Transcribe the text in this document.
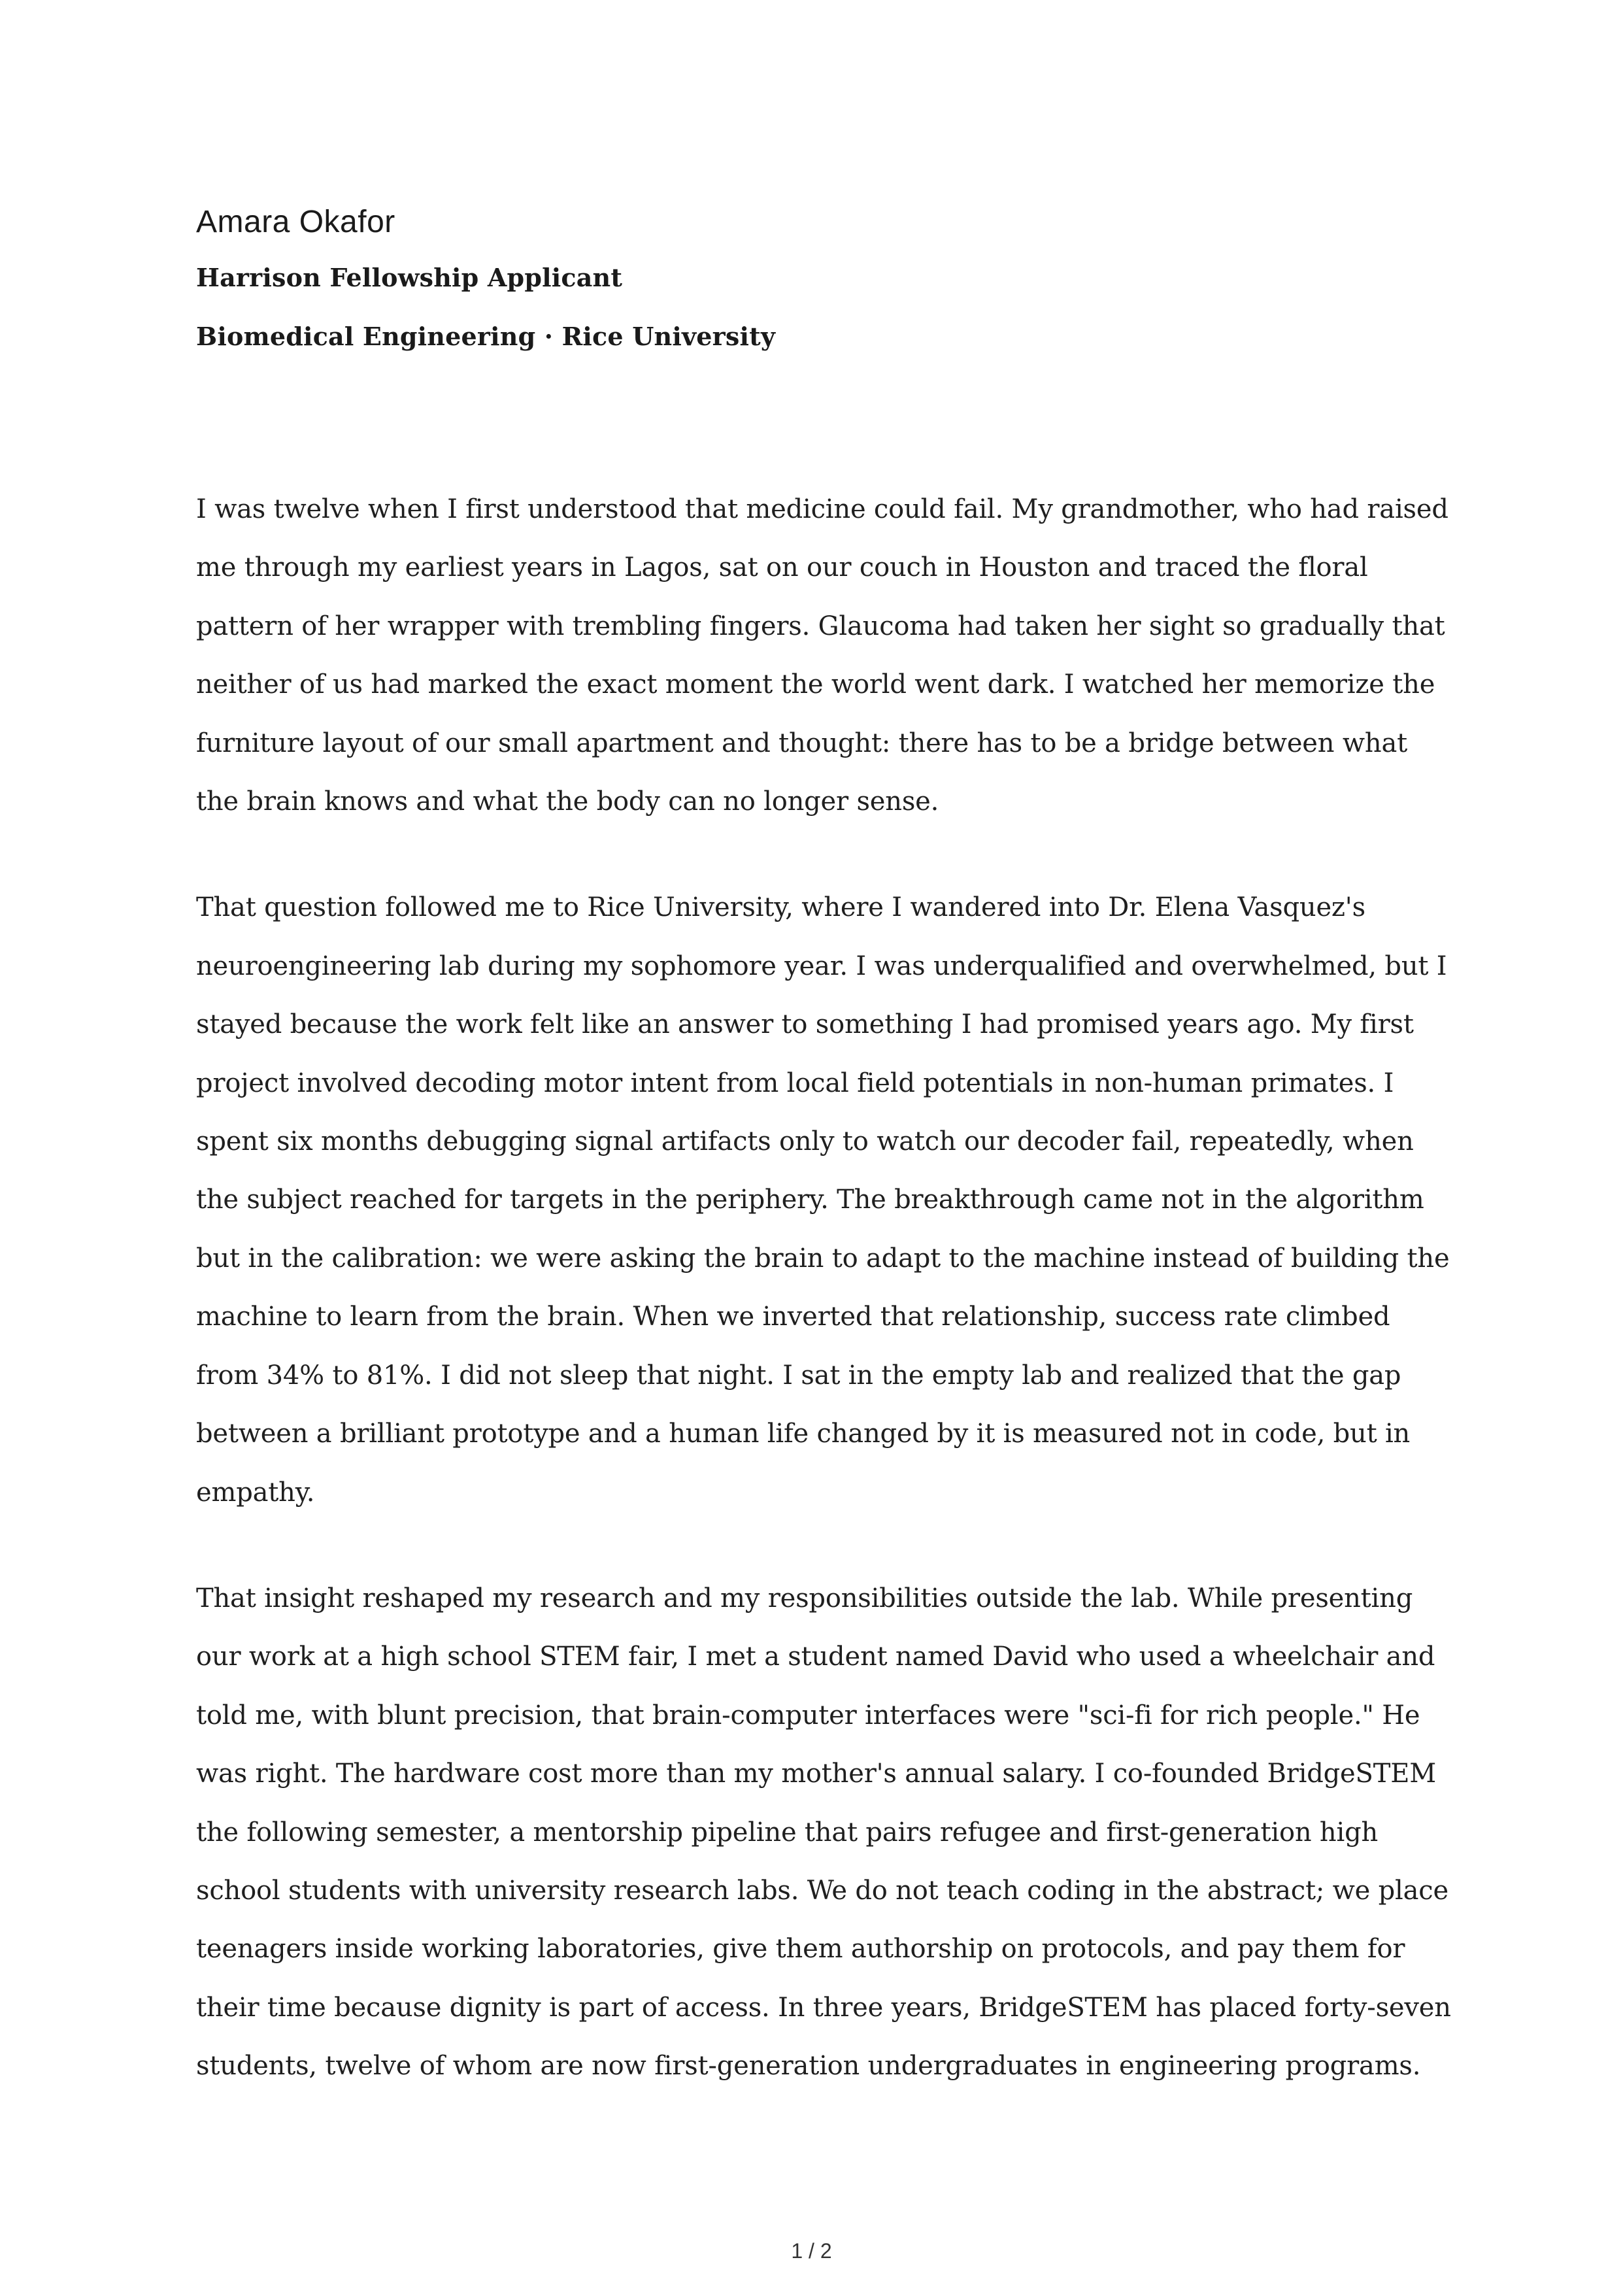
Amara Okafor
Harrison Fellowship Applicant
Biomedical Engineering · Rice University

I was twelve when I first understood that medicine could fail. My grandmother, who had raised me through my earliest years in Lagos, sat on our couch in Houston and traced the floral pattern of her wrapper with trembling fingers. Glaucoma had taken her sight so gradually that neither of us had marked the exact moment the world went dark. I watched her memorize the furniture layout of our small apartment and thought: there has to be a bridge between what the brain knows and what the body can no longer sense.

That question followed me to Rice University, where I wandered into Dr. Elena Vasquez's neuroengineering lab during my sophomore year. I was underqualified and overwhelmed, but I stayed because the work felt like an answer to something I had promised years ago. My first project involved decoding motor intent from local field potentials in non-human primates. I spent six months debugging signal artifacts only to watch our decoder fail, repeatedly, when the subject reached for targets in the periphery. The breakthrough came not in the algorithm but in the calibration: we were asking the brain to adapt to the machine instead of building the machine to learn from the brain. When we inverted that relationship, success rate climbed from 34% to 81%. I did not sleep that night. I sat in the empty lab and realized that the gap between a brilliant prototype and a human life changed by it is measured not in code, but in empathy.

That insight reshaped my research and my responsibilities outside the lab. While presenting our work at a high school STEM fair, I met a student named David who used a wheelchair and told me, with blunt precision, that brain-computer interfaces were "sci-fi for rich people." He was right. The hardware cost more than my mother's annual salary. I co-founded BridgeSTEM the following semester, a mentorship pipeline that pairs refugee and first-generation high school students with university research labs. We do not teach coding in the abstract; we place teenagers inside working laboratories, give them authorship on protocols, and pay them for their time because dignity is part of access. In three years, BridgeSTEM has placed forty-seven students, twelve of whom are now first-generation undergraduates in engineering programs.

1 / 2
